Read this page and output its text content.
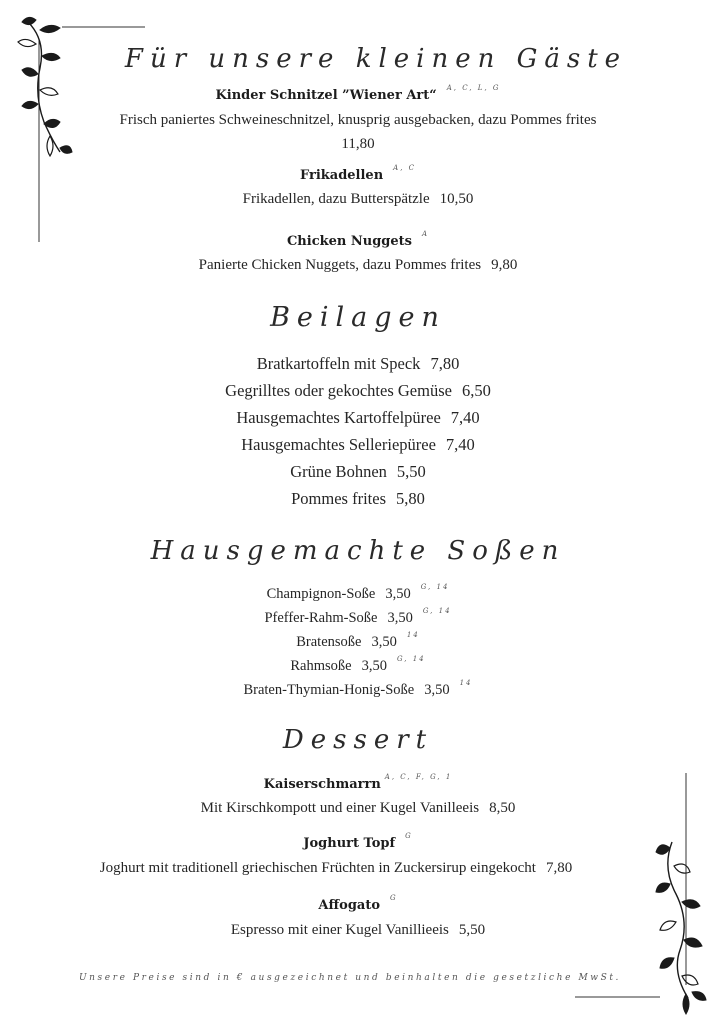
Für unsere kleinen Gäste
Kinder Schnitzel ”Wiener Art“ $^{A, C, L, G}$
Frisch paniertes Schweineschnitzel, knusprig ausgebacken, dazu Pommes frites
11,80
Frikadellen $^{A, C}$
Frikadellen, dazu Butterspätzle 10,50
Chicken Nuggets $^A$
Panierte Chicken Nuggets, dazu Pommes frites 9,80
Beilagen
Bratkartoffeln mit Speck 7,80
Gegrilltes oder gekochtes Gemüse 6,50
Hausgemachtes Kartoffelpüree 7,40
Hausgemachtes Selleriepüree 7,40
Grüne Bohnen 5,50
Pommes frites 5,80
Hausgemachte Soßen
Champignon-Soße 3,50 $^{G, 14}$
Pfeffer-Rahm-Soße 3,50 $^{G, 14}$
Bratensoße 3,50 $^{14}$
Rahmsoße 3,50 $^{G, 14}$
Braten-Thymian-Honig-Soße 3,50 $^{14}$
Dessert
Kaiserschmarrn $^{A, C, F, G, 1}$
Mit Kirschkompott und einer Kugel Vanilleeis 8,50
Joghurt Topf $^G$
Joghurt mit traditionell griechischen Früchten in Zuckersirup eingekocht 7,80
Affogato $^G$
Espresso mit einer Kugel Vanillieeis 5,50
Unsere Preise sind in € ausgezeichnet und beinhalten die gesetzliche MwSt.
